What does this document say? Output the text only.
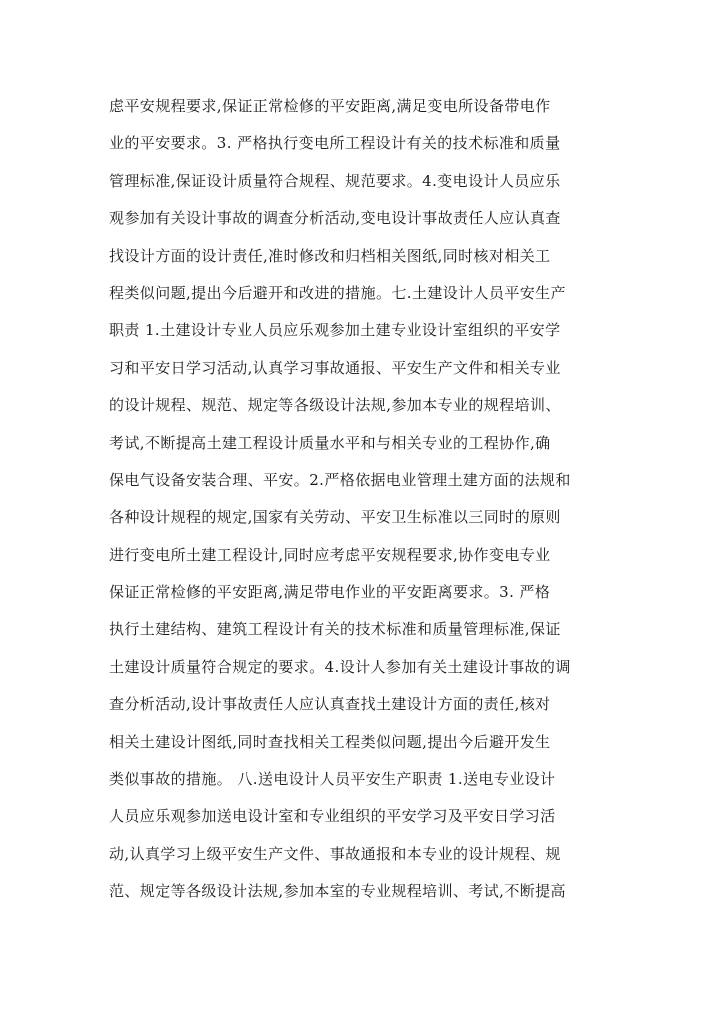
虑平安规程要求,保证正常检修的平安距离,满足变电所设备带电作
业的平安要求。3. 严格执行变电所工程设计有关的技术标准和质量
管理标准,保证设计质量符合规程、规范要求。4.变电设计人员应乐
观参加有关设计事故的调查分析活动,变电设计事故责任人应认真查
找设计方面的设计责任,准时修改和归档相关图纸,同时核对相关工
程类似问题,提出今后避开和改进的措施。七.土建设计人员平安生产
职责 1.土建设计专业人员应乐观参加土建专业设计室组织的平安学
习和平安日学习活动,认真学习事故通报、平安生产文件和相关专业
的设计规程、规范、规定等各级设计法规,参加本专业的规程培训、
考试,不断提高土建工程设计质量水平和与相关专业的工程协作,确
保电气设备安装合理、平安。2.严格依据电业管理土建方面的法规和
各种设计规程的规定,国家有关劳动、平安卫生标准以三同时的原则
进行变电所土建工程设计,同时应考虑平安规程要求,协作变电专业
保证正常检修的平安距离,满足带电作业的平安距离要求。3. 严格
执行土建结构、建筑工程设计有关的技术标准和质量管理标准,保证
土建设计质量符合规定的要求。4.设计人参加有关土建设计事故的调
查分析活动,设计事故责任人应认真查找土建设计方面的责任,核对
相关土建设计图纸,同时查找相关工程类似问题,提出今后避开发生
类似事故的措施。 八.送电设计人员平安生产职责 1.送电专业设计
人员应乐观参加送电设计室和专业组织的平安学习及平安日学习活
动,认真学习上级平安生产文件、事故通报和本专业的设计规程、规
范、规定等各级设计法规,参加本室的专业规程培训、考试,不断提高
